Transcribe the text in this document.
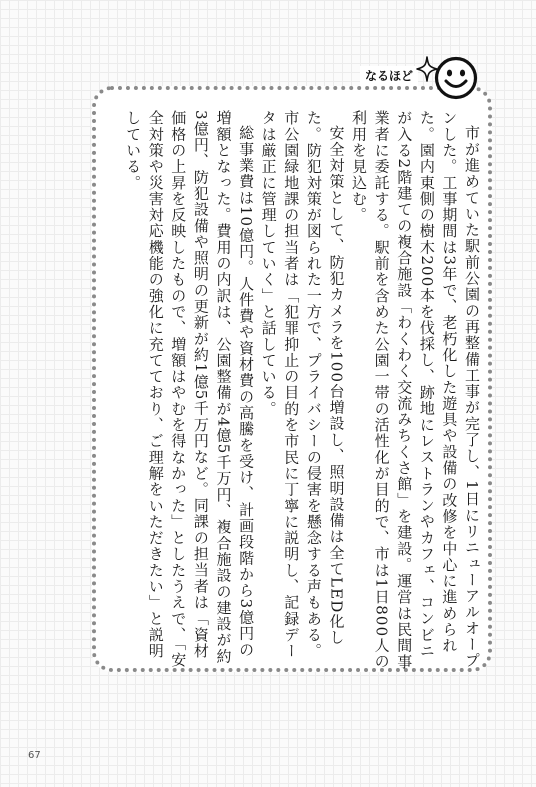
なるほど

市が進めていた駅前公園の再整備工事が完了し、1日にリニューアルオープンした。工事期間は3年で、老朽化した遊具や設備の改修を中心に進められた。園内東側の樹木200本を伐採し、跡地にレストランやカフェ、コンビニが入る2階建ての複合施設「わくわく交流みちくさ館」を建設。運営は民間事業者に委託する。駅前を含めた公園一帯の活性化が目的で、市は1日800人の利用を見込む。

安全対策として、防犯カメラを100台増設し、照明設備は全てLED化した。防犯対策が図られた一方で、プライバシーの侵害を懸念する声もある。市公園緑地課の担当者は「犯罪抑止の目的を市民に丁寧に説明し、記録データは厳正に管理していく」と話している。

総事業費は10億円。人件費や資材費の高騰を受け、計画段階から3億円の増額となった。費用の内訳は、公園整備が4億5千万円、複合施設の建設が約3億円、防犯設備や照明の更新が約1億5千万円など。同課の担当者は「資材価格の上昇を反映したもので、増額はやむを得なかった」としたうえで、「安全対策や災害対応機能の強化に充てており、ご理解をいただきたい」と説明している。

67
